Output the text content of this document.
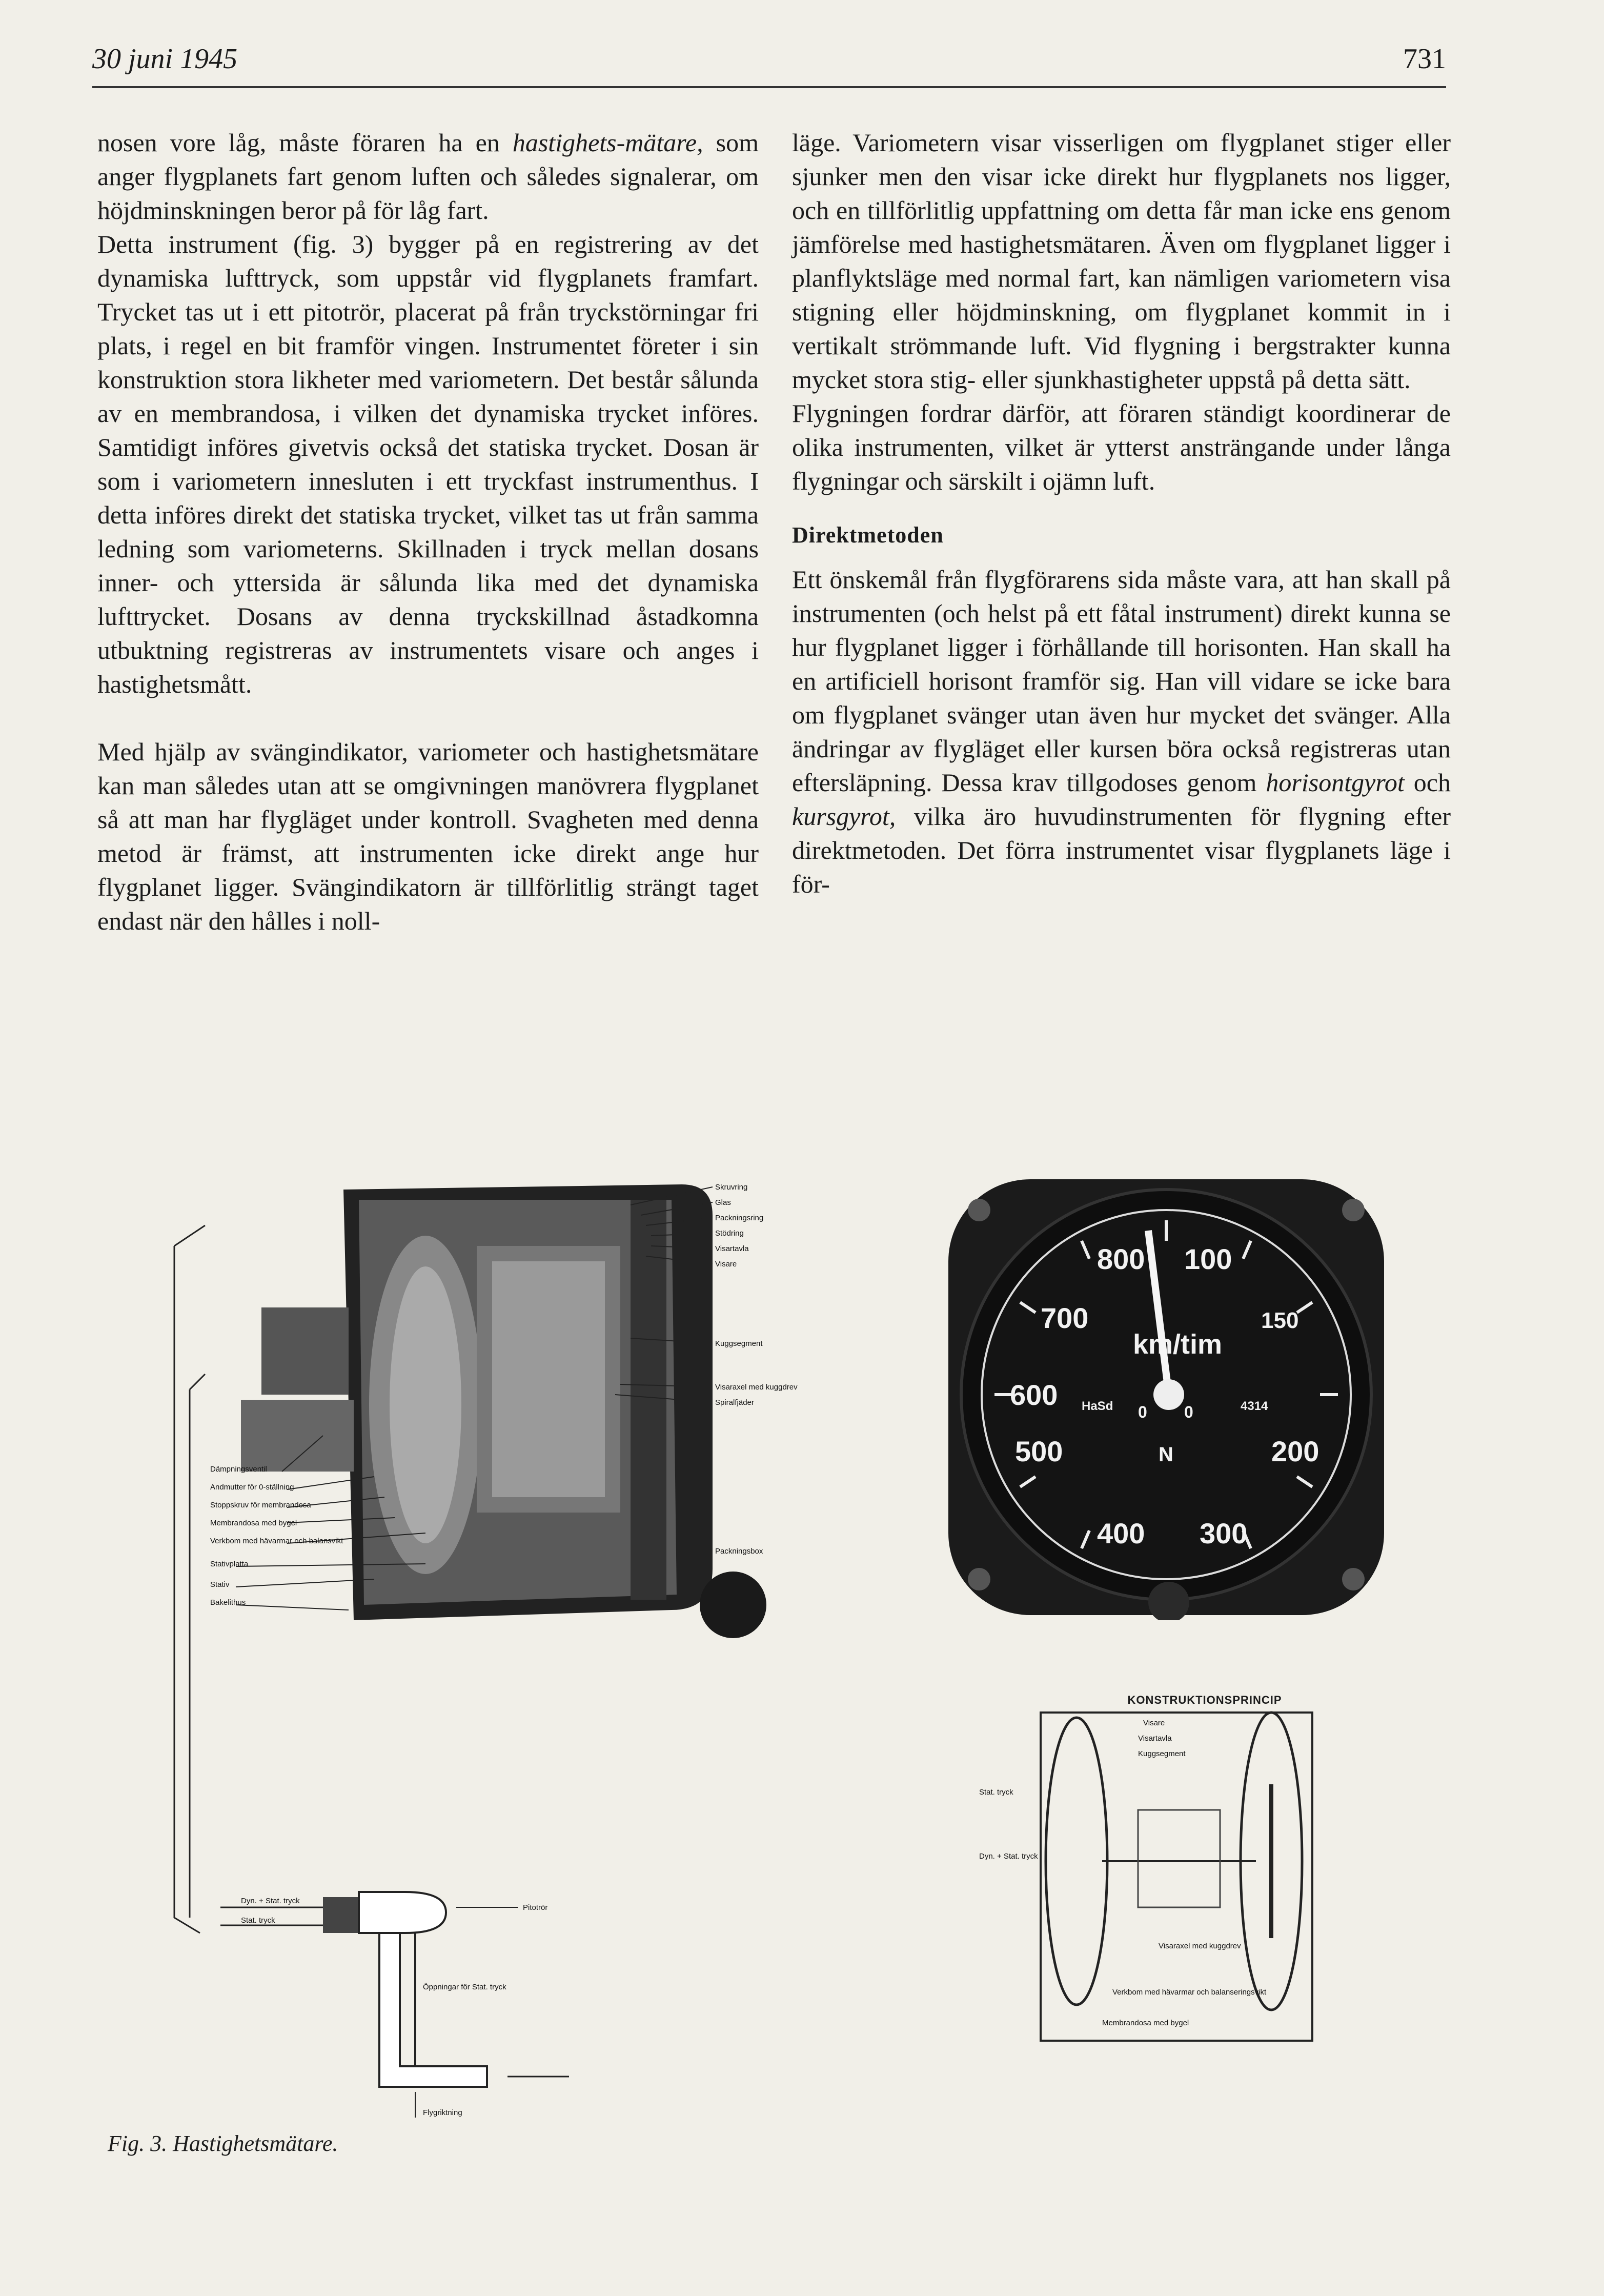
30 juni 1945	731

nosen vore låg, måste föraren ha en hastighets-mätare, som anger flygplanets fart genom luften och således signalerar, om höjdminskningen beror på för låg fart.

Detta instrument (fig. 3) bygger på en registrering av det dynamiska lufttryck, som uppstår vid flygplanets framfart. Trycket tas ut i ett pitotrör, placerat på från tryckstörningar fri plats, i regel en bit framför vingen. Instrumentet företer i sin konstruktion stora likheter med variometern. Det består sålunda av en membrandosa, i vilken det dynamiska trycket införes. Samtidigt införes givetvis också det statiska trycket. Dosan är som i variometern innesluten i ett tryckfast instrumenthus. I detta införes direkt det statiska trycket, vilket tas ut från samma ledning som variometerns. Skillnaden i tryck mellan dosans inner- och yttersida är sålunda lika med det dynamiska lufttrycket. Dosans av denna tryckskillnad åstadkomna utbuktning registreras av instrumentets visare och anges i hastighetsmått.

Med hjälp av svängindikator, variometer och hastighetsmätare kan man således utan att se omgivningen manövrera flygplanet så att man har flygläget under kontroll. Svagheten med denna metod är främst, att instrumenten icke direkt ange hur flygplanet ligger. Svängindikatorn är tillförlitlig strängt taget endast när den hålles i noll-

läge. Variometern visar visserligen om flygplanet stiger eller sjunker men den visar icke direkt hur flygplanets nos ligger, och en tillförlitlig uppfattning om detta får man icke ens genom jämförelse med hastighetsmätaren. Även om flygplanet ligger i planflyktsläge med normal fart, kan nämligen variometern visa stigning eller höjdminskning, om flygplanet kommit in i vertikalt strömmande luft. Vid flygning i bergstrakter kunna mycket stora stig- eller sjunkhastigheter uppstå på detta sätt.

Flygningen fordrar därför, att föraren ständigt koordinerar de olika instrumenten, vilket är ytterst ansträngande under långa flygningar och särskilt i ojämn luft.

Direktmetoden

Ett önskemål från flygförarens sida måste vara, att han skall på instrumenten (och helst på ett fåtal instrument) direkt kunna se hur flygplanet ligger i förhållande till horisonten. Han skall ha en artificiell horisont framför sig. Han vill vidare se icke bara om flygplanet svänger utan även hur mycket det svänger. Alla ändringar av flygläget eller kursen böra också registreras utan eftersläpning. Dessa krav tillgodoses genom horisontgyrot och kursgyrot, vilka äro huvudinstrumenten för flygning efter direktmetoden. Det förra instrumentet visar flygplanets läge i för-

Skruvring
Glas
Packningsring
Stödring
Visartavla
Visare
Kuggsegment
Visaraxel med kuggdrev
Spiralfjäder
Packningsbox
Dämpningsventil
Andmutter för 0-ställning
Stoppskruv för membrandosa
Membrandosa med bygel
Verkbom med hävarmar och balansvikt
Stativplatta
Stativ
Bakelithus
Dyn. + Stat. tryck
Stat. tryck
Pitotrör
Öppningar för Stat. tryck
Flygriktning
100
150
200
300
400
500
600
700
800
km/tim
HaSd	4314
0 0
N
KONSTRUKTIONSPRINCIP
Visare
Visartavla
Kuggsegment
Stat. tryck
Dyn. + Stat. tryck
Visaraxel med kuggdrev
Verkbom med hävarmar och balanseringsvikt
Membrandosa med bygel
Fig. 3. Hastighetsmätare.
